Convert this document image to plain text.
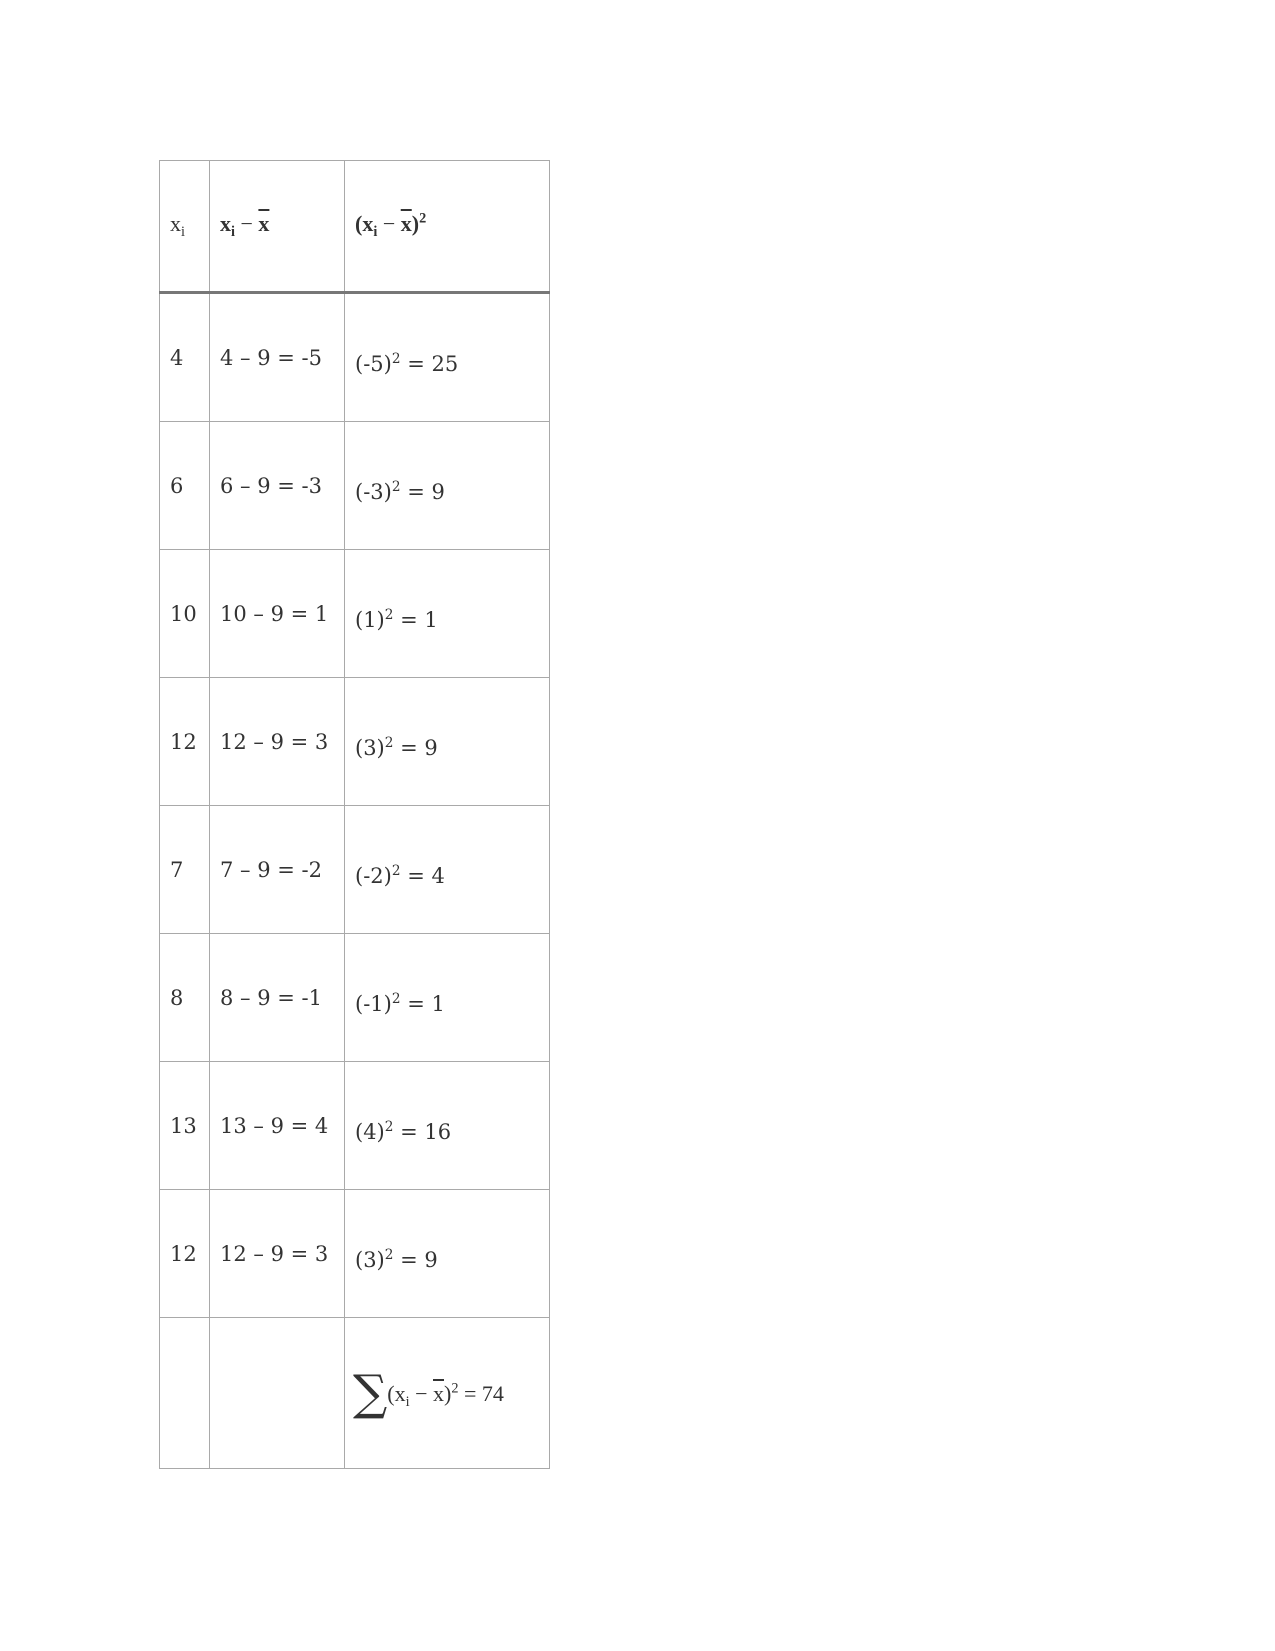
$x_i$	$x_i - \overline{x}$	$(x_i - \overline{x})^2$
4	4 – 9 = -5	$(-5)^2 = 25$
6	6 – 9 = -3	$(-3)^2 = 9$
10	10 – 9 = 1	$(1)^2 = 1$
12	12 – 9 = 3	$(3)^2 = 9$
7	7 – 9 = -2	$(-2)^2 = 4$
8	8 – 9 = -1	$(-1)^2 = 1$
13	13 – 9 = 4	$(4)^2 = 16$
12	12 – 9 = 3	$(3)^2 = 9$
		$\sum(x_i - \overline{x})^2 = 74$
